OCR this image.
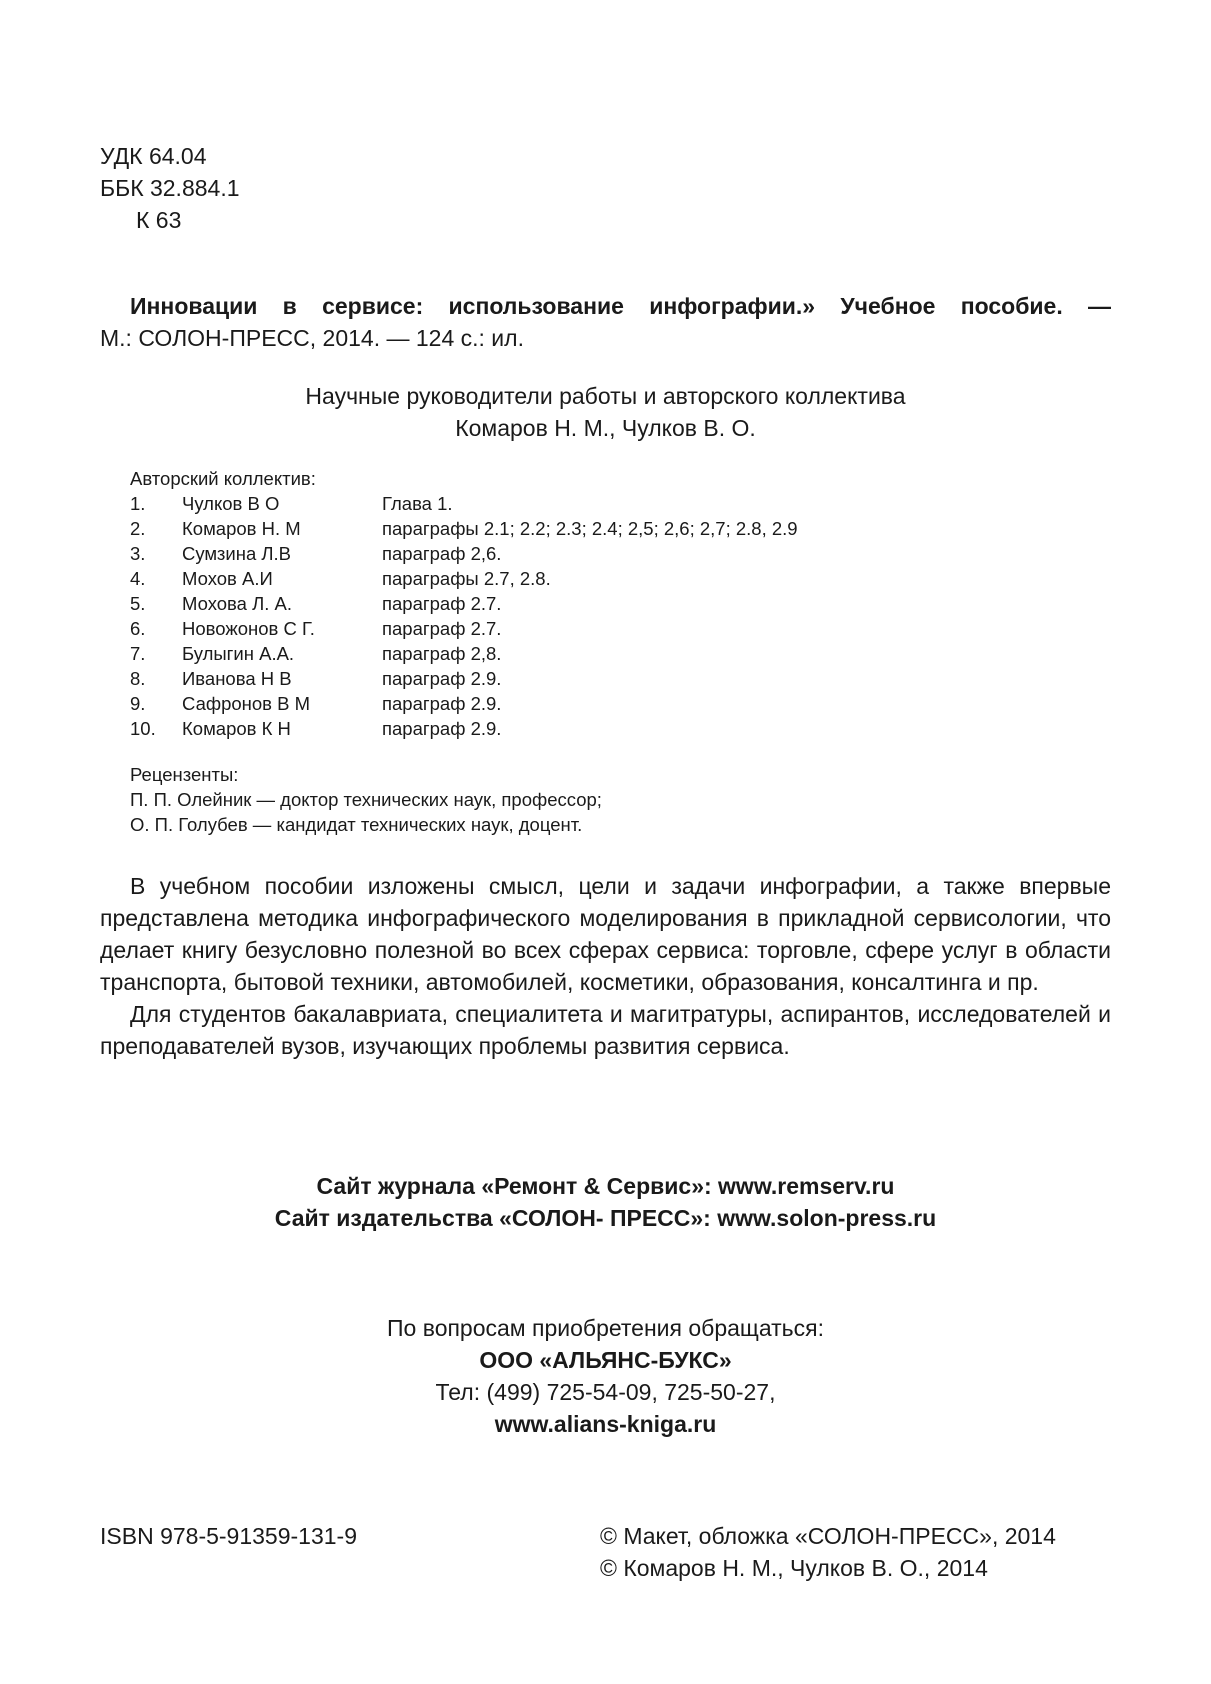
УДК 64.04
ББК 32.884.1
К 63
Инновации в сервисе: использование инфографии.» Учебное пособие. —
М.: СОЛОН-ПРЕСС, 2014. — 124 с.: ил.
Научные руководители работы и авторского коллектива
Комаров Н. М., Чулков В. О.
Авторский коллектив:
1.	Чулков В О	Глава 1.
2.	Комаров Н. М	параграфы 2.1; 2.2; 2.3; 2.4; 2,5; 2,6; 2,7; 2.8, 2.9
3.	Сумзина Л.В	параграф 2,6.
4.	Мохов А.И	параграфы 2.7, 2.8.
5.	Мохова Л. А.	параграф 2.7.
6.	Новожонов С Г.	параграф 2.7.
7.	Булыгин А.А.	параграф 2,8.
8.	Иванова Н В	параграф 2.9.
9.	Сафронов В М	параграф 2.9.
10.	Комаров К Н	параграф 2.9.
Рецензенты:
П. П. Олейник — доктор технических наук, профессор;
О. П. Голубев — кандидат технических наук, доцент.

В учебном пособии изложены смысл, цели и задачи инфографии, а также впервые представлена методика инфографического моделирования в прикладной сервисологии, что делает книгу безусловно полезной во всех сферах сервиса: торговле, сфере услуг в области транспорта, бытовой техники, автомобилей, косметики, образования, консалтинга и пр.

Для студентов бакалавриата, специалитета и магитратуры, аспирантов, исследователей и преподавателей вузов, изучающих проблемы развития сервиса.

Сайт журнала «Ремонт & Сервис»: www.remserv.ru
Сайт издательства «СОЛОН- ПРЕСС»: www.solon-press.ru
По вопросам приобретения обращаться:
ООО «АЛЬЯНС-БУКС»
Тел: (499) 725-54-09, 725-50-27,
www.alians-kniga.ru
ISBN 978-5-91359-131-9	© Макет, обложка «СОЛОН-ПРЕСС», 2014
© Комаров Н. М., Чулков В. О., 2014
